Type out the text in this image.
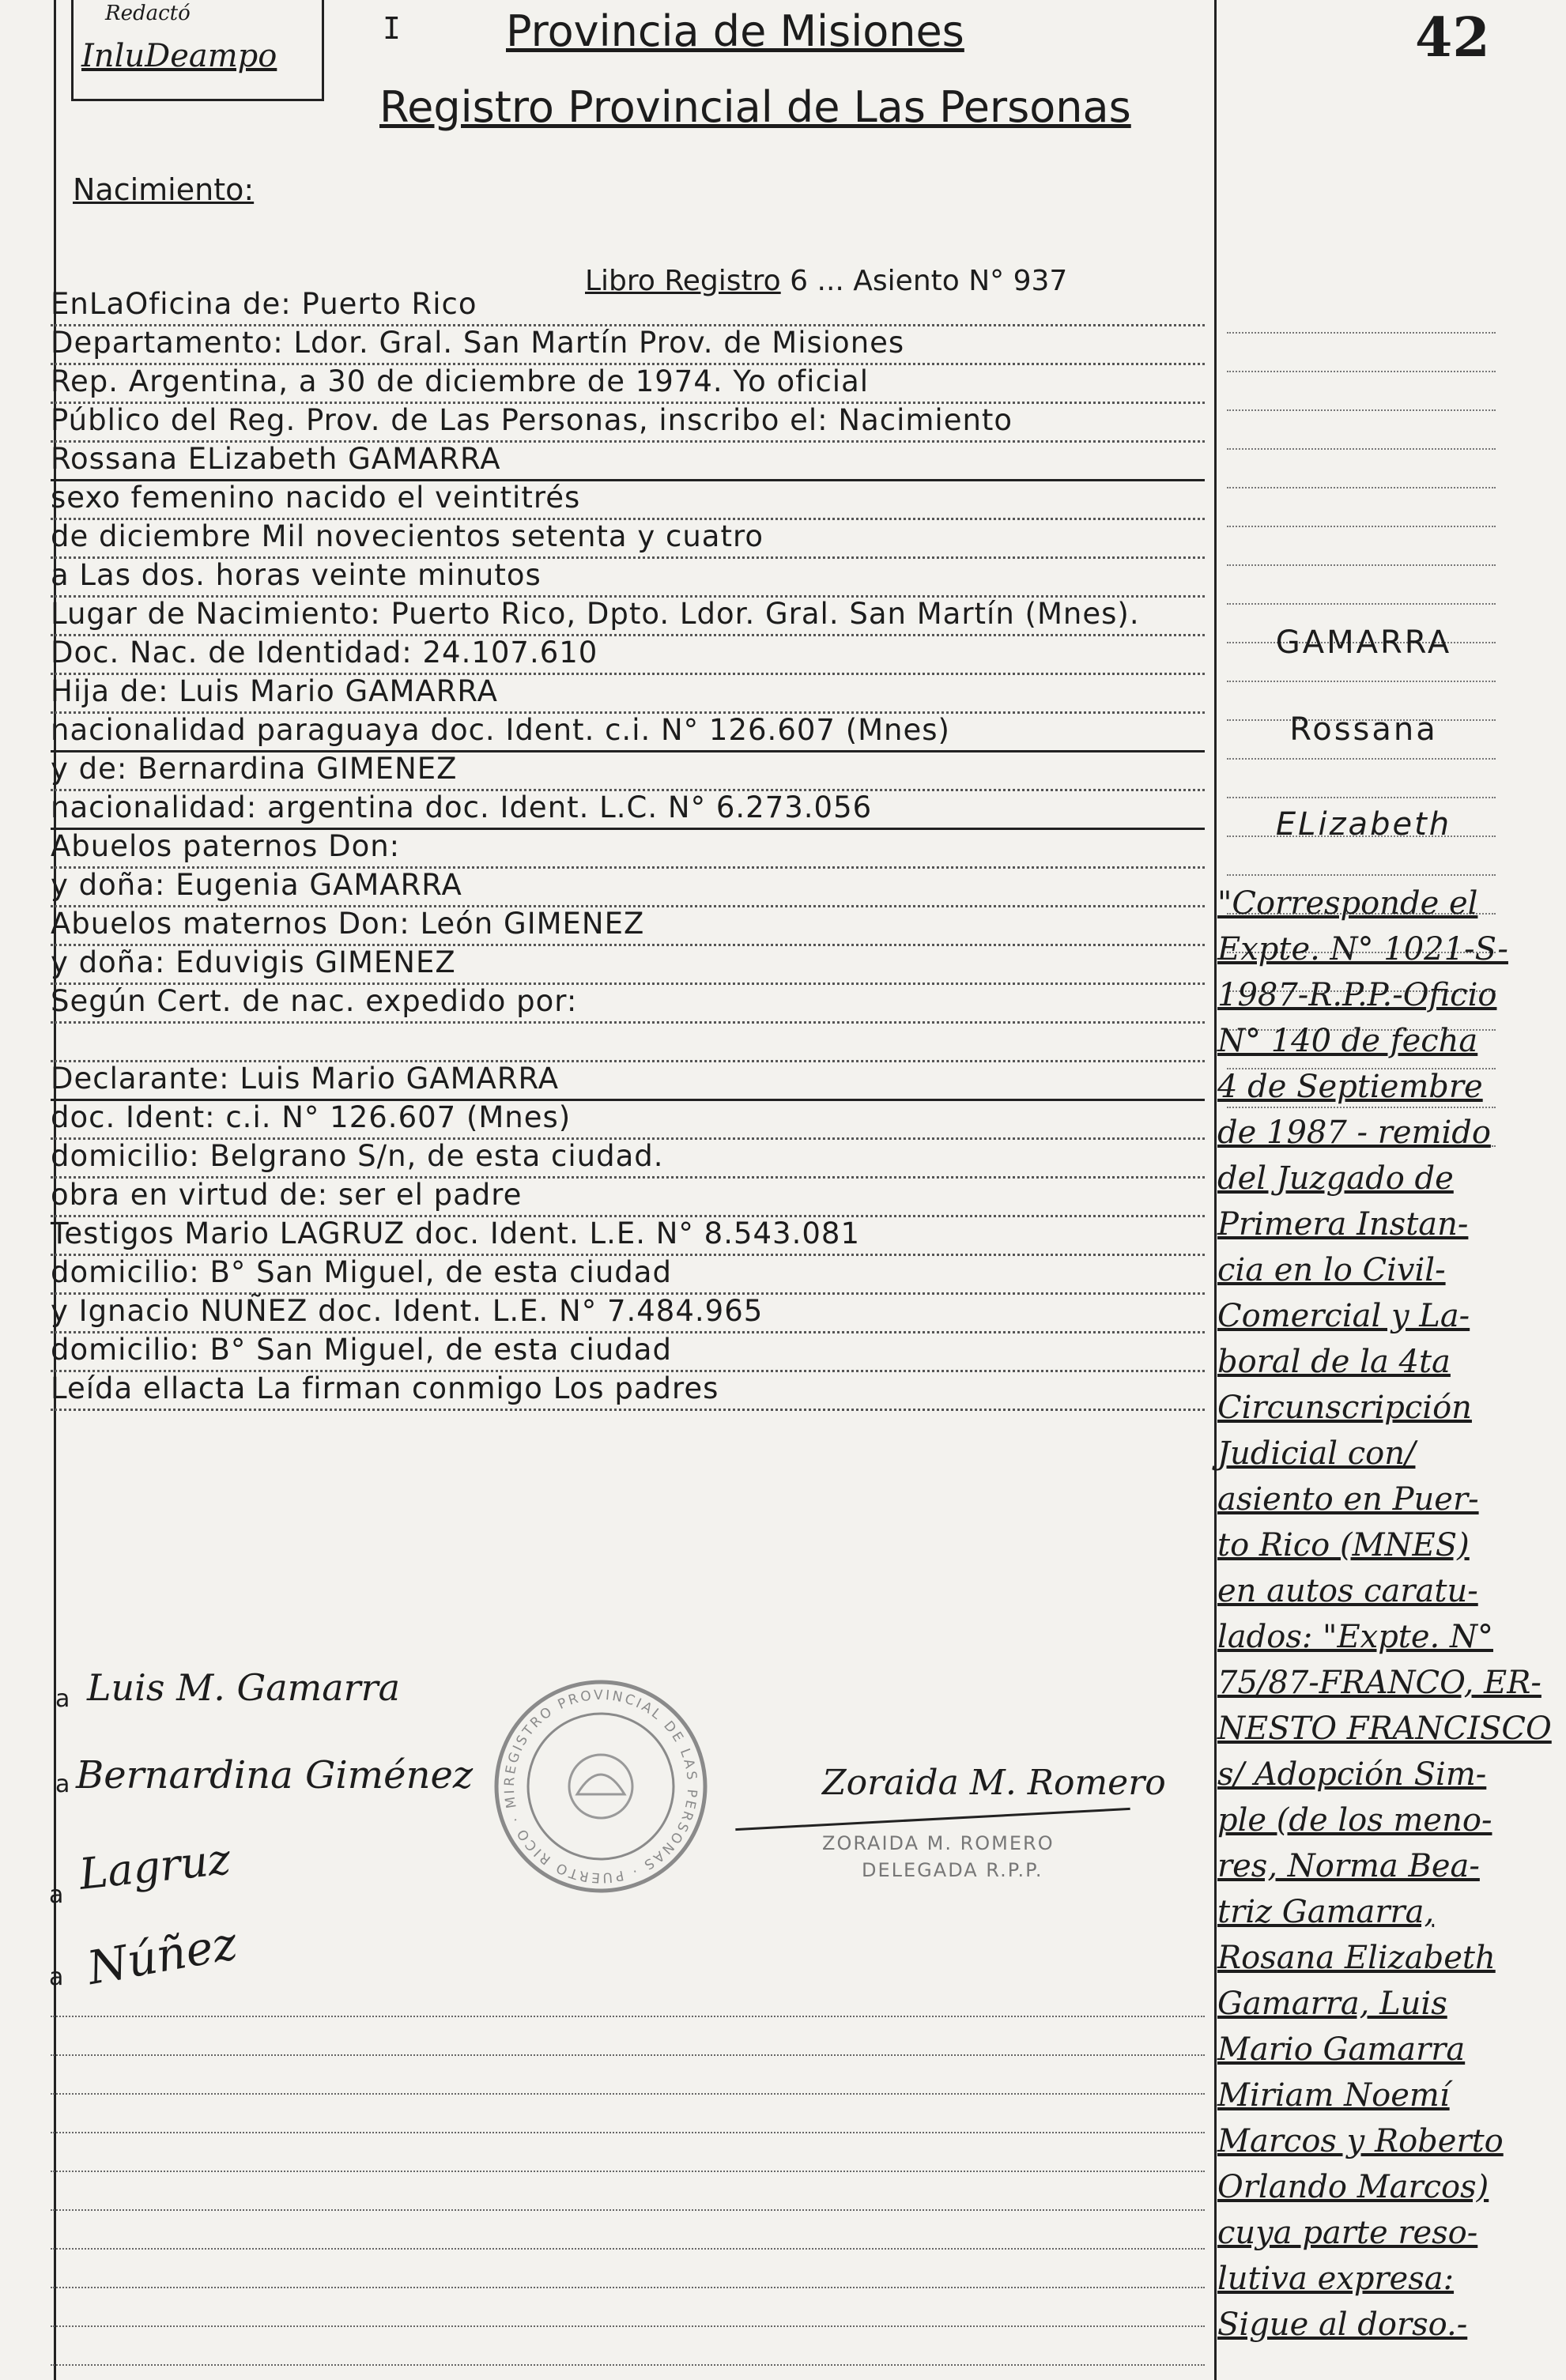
Redactó
InluDeampo
I	42
Provincia de Misiones
Registro Provincial de Las Personas
Nacimiento:
Libro Registro 6 ... Asiento N° 937
EnLaOficina de: Puerto Rico
Departamento: Ldor. Gral. San Martín Prov. de Misiones
Rep. Argentina, a 30 de diciembre de 1974. Yo oficial
Público del Reg. Prov. de Las Personas, inscribo el: Nacimiento
Rossana ELizabeth GAMARRA
sexo femenino nacido el veintitrés
de diciembre Mil novecientos setenta y cuatro
a Las dos. horas veinte minutos
Lugar de Nacimiento: Puerto Rico, Dpto. Ldor. Gral. San Martín (Mnes).
Doc. Nac. de Identidad: 24.107.610
Hija de: Luis Mario GAMARRA
nacionalidad paraguaya doc. Ident. c.i. N° 126.607 (Mnes)
y de: Bernardina GIMENEZ
nacionalidad: argentina doc. Ident. L.C. N° 6.273.056
Abuelos paternos Don:
y doña: Eugenia GAMARRA
Abuelos maternos Don: León GIMENEZ
y doña: Eduvigis GIMENEZ
Según Cert. de nac. expedido por:
Declarante: Luis Mario GAMARRA
doc. Ident: c.i. N° 126.607 (Mnes)
domicilio: Belgrano S/n, de esta ciudad.
obra en virtud de: ser el padre
Testigos Mario LAGRUZ doc. Ident. L.E. N° 8.543.081
domicilio: B° San Miguel, de esta ciudad
y Ignacio NUÑEZ doc. Ident. L.E. N° 7.484.965
domicilio: B° San Miguel, de esta ciudad
Leída ellacta La firman conmigo Los padres
GAMARRA
Rossana
ELizabeth
"Corresponde el
Expte. N° 1021-S-
1987-R.P.P.-Oficio
N° 140 de fecha
4 de Septiembre
de 1987 - remido
del Juzgado de
Primera Instan-
cia en lo Civil-
Comercial y La-
boral de la 4ta
Circunscripción
Judicial con/
asiento en Puer-
to Rico (MNES)
en autos caratu-
lados: "Expte. N°
75/87-FRANCO, ER-
NESTO FRANCISCO
s/ Adopción Sim-
ple (de los meno-
res, Norma Bea-
triz Gamarra,
Rosana Elizabeth
Gamarra, Luis
Mario Gamarra
Miriam Noemí
Marcos y Roberto
Orlando Marcos)
cuya parte reso-
lutiva expresa:
Sigue al dorso.-
a Luis M. Gamarra
a Bernardina Giménez	Zoraida M. Romero
a Lagruz
a Núñez
REGISTRO PROVINCIAL DE LAS PERSONAS · PUERTO RICO · MI
ZORAIDA M. ROMERO
DELEGADA R.P.P.
